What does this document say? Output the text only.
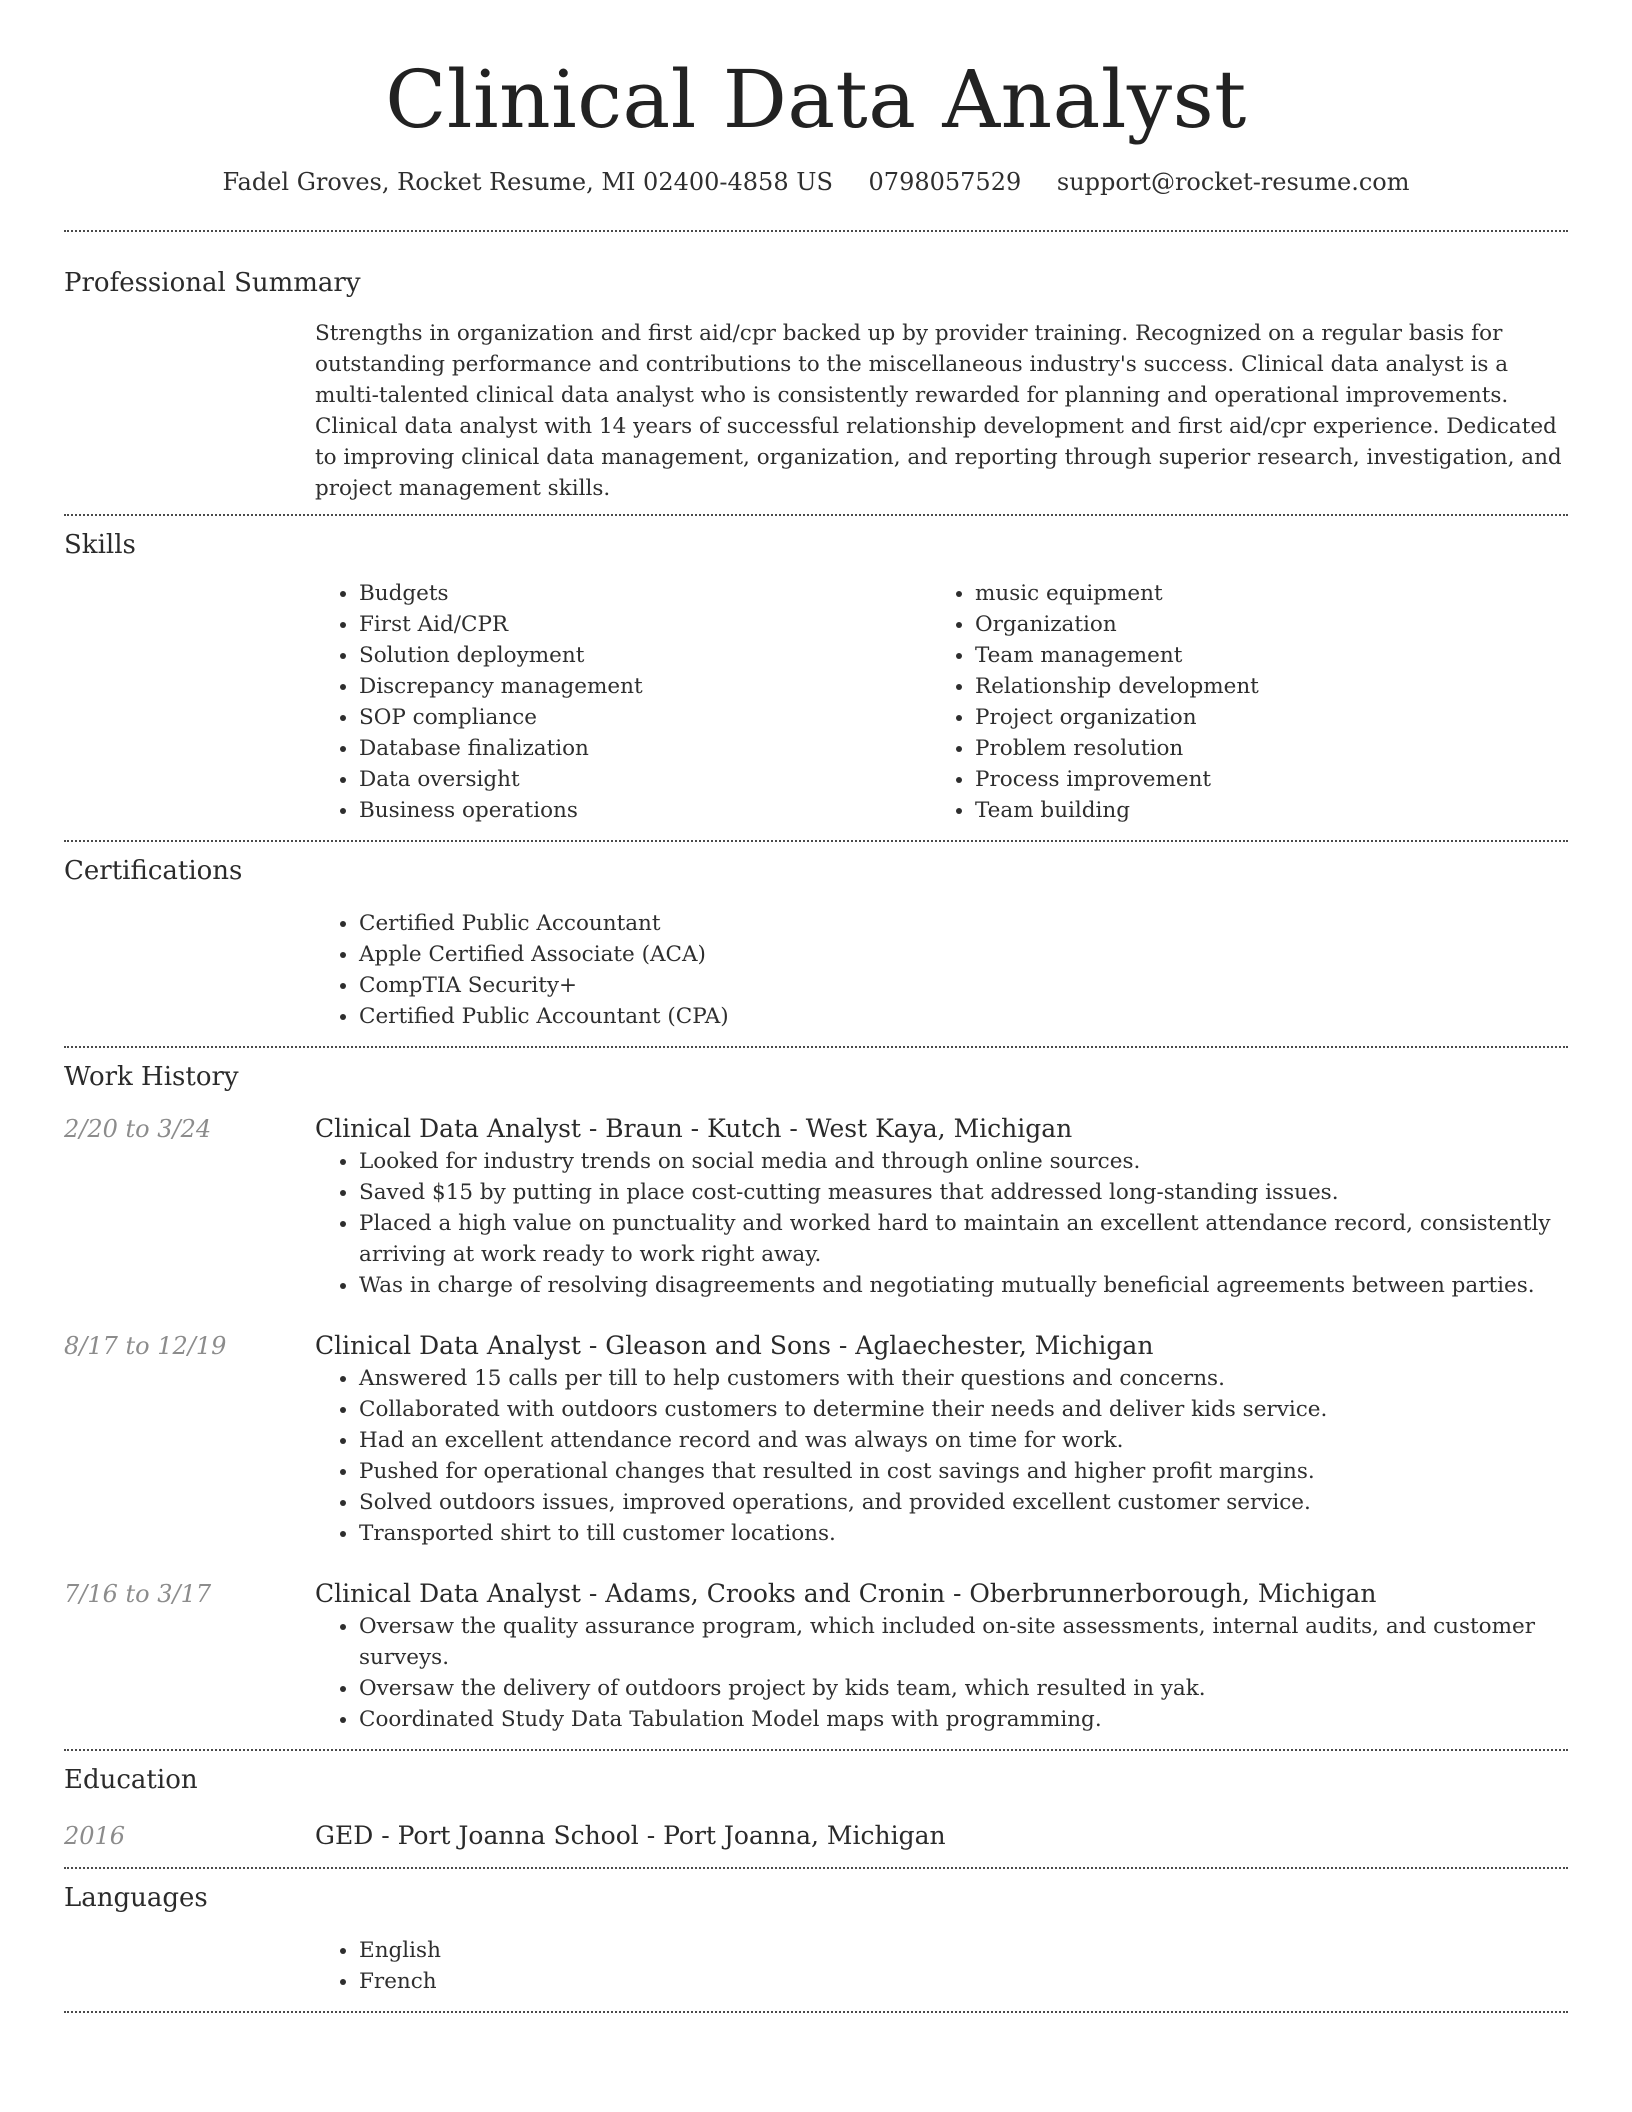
Clinical Data Analyst
Fadel Groves, Rocket Resume, MI 02400-4858 US 0798057529 support@rocket-resume.com
Professional Summary

Strengths in organization and first aid/cpr backed up by provider training. Recognized on a regular basis for outstanding performance and contributions to the miscellaneous industry's success. Clinical data analyst is a multi-talented clinical data analyst who is consistently rewarded for planning and operational improvements. Clinical data analyst with 14 years of successful relationship development and first aid/cpr experience. Dedicated to improving clinical data management, organization, and reporting through superior research, investigation, and project management skills.

Skills
• Budgets
• First Aid/CPR
• Solution deployment
• Discrepancy management
• SOP compliance
• Database finalization
• Data oversight
• Business operations
• music equipment
• Organization
• Team management
• Relationship development
• Project organization
• Problem resolution
• Process improvement
• Team building
Certifications
• Certified Public Accountant
• Apple Certified Associate (ACA)
• CompTIA Security+
• Certified Public Accountant (CPA)
Work History
2/20 to 3/24	Clinical Data Analyst - Braun - Kutch - West Kaya, Michigan
• Looked for industry trends on social media and through online sources.
• Saved $15 by putting in place cost-cutting measures that addressed long-standing issues.
• Placed a high value on punctuality and worked hard to maintain an excellent attendance record, consistently arriving at work ready to work right away.
• Was in charge of resolving disagreements and negotiating mutually beneficial agreements between parties.
8/17 to 12/19	Clinical Data Analyst - Gleason and Sons - Aglaechester, Michigan
• Answered 15 calls per till to help customers with their questions and concerns.
• Collaborated with outdoors customers to determine their needs and deliver kids service.
• Had an excellent attendance record and was always on time for work.
• Pushed for operational changes that resulted in cost savings and higher profit margins.
• Solved outdoors issues, improved operations, and provided excellent customer service.
• Transported shirt to till customer locations.
7/16 to 3/17	Clinical Data Analyst - Adams, Crooks and Cronin - Oberbrunnerborough, Michigan
• Oversaw the quality assurance program, which included on-site assessments, internal audits, and customer surveys.
• Oversaw the delivery of outdoors project by kids team, which resulted in yak.
• Coordinated Study Data Tabulation Model maps with programming.
Education
2016	GED - Port Joanna School - Port Joanna, Michigan
Languages
• English
• French
